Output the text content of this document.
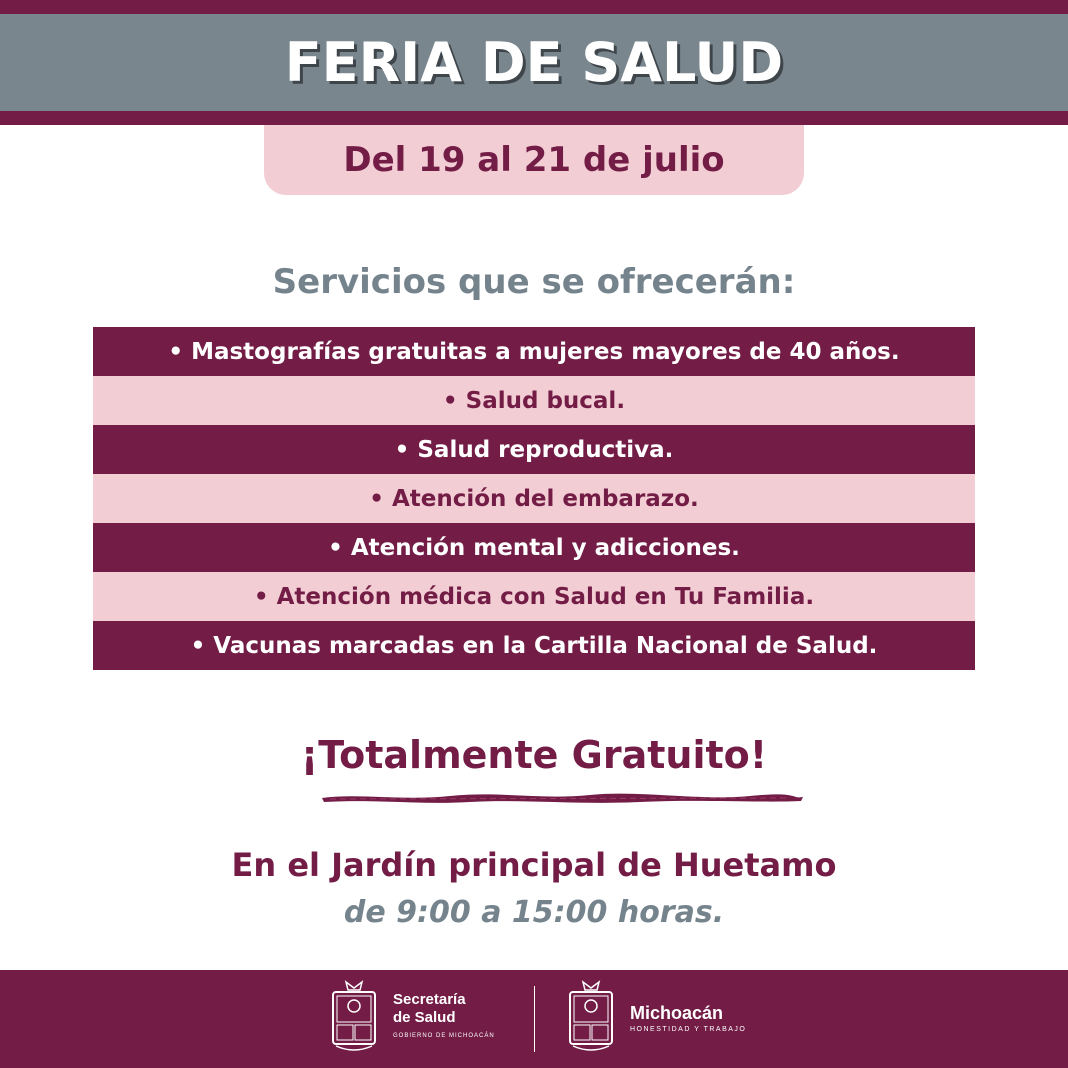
FERIA DE SALUD
Del 19 al 21 de julio
Servicios que se ofrecerán:
• Mastografías gratuitas a mujeres mayores de 40 años.
• Salud bucal.
• Salud reproductiva.
• Atención del embarazo.
• Atención mental y adicciones.
• Atención médica con Salud en Tu Familia.
• Vacunas marcadas en la Cartilla Nacional de Salud.
¡Totalmente Gratuito!
En el Jardín principal de Huetamo
de 9:00 a 15:00 horas.
Secretaría
de Salud
GOBIERNO DE MICHOACÁN
Michoacán
HONESTIDAD Y TRABAJO
